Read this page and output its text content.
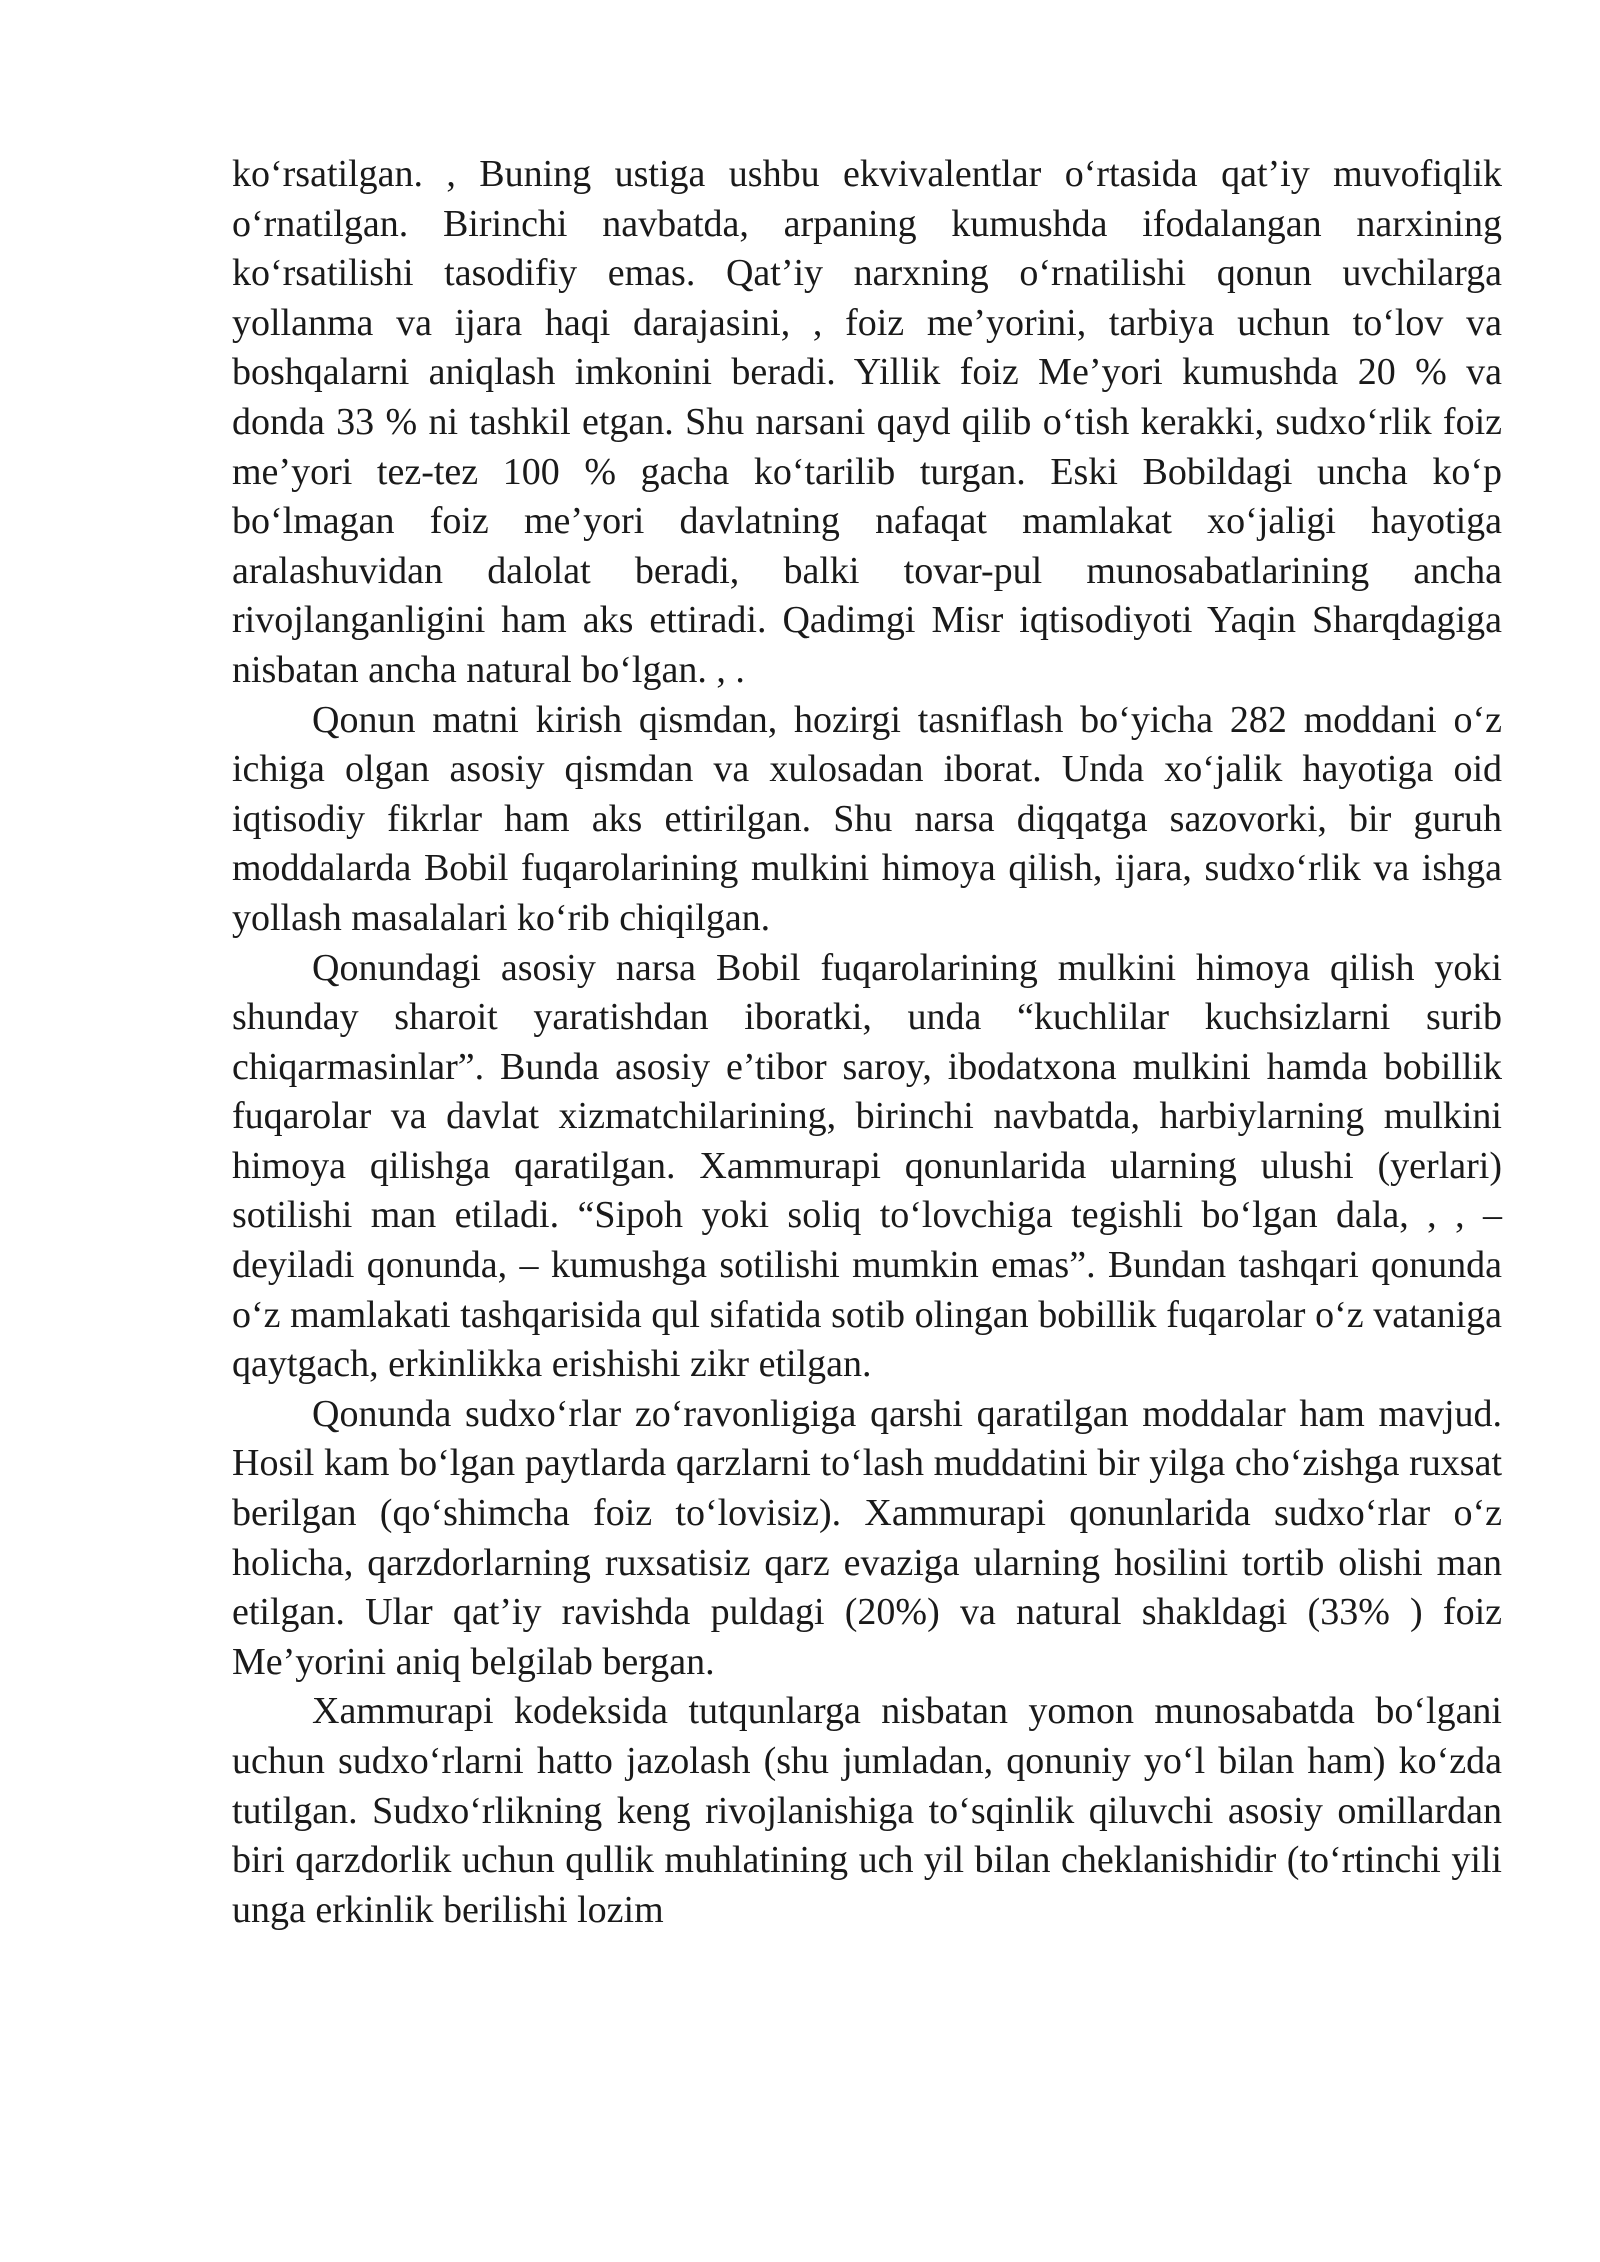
ko‘rsatilgan. , Buning ustiga ushbu ekvivalentlar o‘rtasida qat’iy muvofiqlik o‘rnatilgan. Birinchi navbatda, arpaning kumushda ifodalangan narxining ko‘rsatilishi tasodifiy emas. Qat’iy narxning o‘rnatilishi qonun uvchilarga yollanma va ijara haqi darajasini, , foiz me’yorini, tarbiya uchun to‘lov va boshqalarni aniqlash imkonini beradi. Yillik foiz Me’yori kumushda 20 % va donda 33 % ni tashkil etgan. Shu narsani qayd qilib o‘tish kerakki, sudxo‘rlik foiz me’yori tez-tez 100 % gacha ko‘tarilib turgan. Eski Bobildagi uncha ko‘p bo‘lmagan foiz me’yori davlatning nafaqat mamlakat xo‘jaligi hayotiga aralashuvidan dalolat beradi, balki tovar-pul munosabatlarining ancha rivojlanganligini ham aks ettiradi. Qadimgi Misr iqtisodiyoti Yaqin Sharqdagiga nisbatan ancha natural bo‘lgan. , .

Qonun matni kirish qismdan, hozirgi tasniflash bo‘yicha 282 moddani o‘z ichiga olgan asosiy qismdan va xulosadan iborat. Unda xo‘jalik hayotiga oid iqtisodiy fikrlar ham aks ettirilgan. Shu narsa diqqatga sazovorki, bir guruh moddalarda Bobil fuqarolarining mulkini himoya qilish, ijara, sudxo‘rlik va ishga yollash masalalari ko‘rib chiqilgan.

Qonundagi asosiy narsa Bobil fuqarolarining mulkini himoya qilish yoki shunday sharoit yaratishdan iboratki, unda “kuchlilar kuchsizlarni surib chiqarmasinlar”. Bunda asosiy e’tibor saroy, ibodatxona mulkini hamda bobillik fuqarolar va davlat xizmatchilarining, birinchi navbatda, harbiylarning mulkini himoya qilishga qaratilgan. Xammurapi qonunlarida ularning ulushi (yerlari) sotilishi man etiladi. “Sipoh yoki soliq to‘lovchiga tegishli bo‘lgan dala, , , – deyiladi qonunda, – kumushga sotilishi mumkin emas”. Bundan tashqari qonunda o‘z mamlakati tashqarisida qul sifatida sotib olingan bobillik fuqarolar o‘z vataniga qaytgach, erkinlikka erishishi zikr etilgan.

Qonunda sudxo‘rlar zo‘ravonligiga qarshi qaratilgan moddalar ham mavjud. Hosil kam bo‘lgan paytlarda qarzlarni to‘lash muddatini bir yilga cho‘zishga ruxsat berilgan (qo‘shimcha foiz to‘lovisiz). Xammurapi qonunlarida sudxo‘rlar o‘z holicha, qarzdorlarning ruxsatisiz qarz evaziga ularning hosilini tortib olishi man etilgan. Ular qat’iy ravishda puldagi (20%) va natural shakldagi (33% ) foiz Me’yorini aniq belgilab bergan.

Xammurapi kodeksida tutqunlarga nisbatan yomon munosabatda bo‘lgani uchun sudxo‘rlarni hatto jazolash (shu jumladan, qonuniy yo‘l bilan ham) ko‘zda tutilgan. Sudxo‘rlikning keng rivojlanishiga to‘sqinlik qiluvchi asosiy omillardan biri qarzdorlik uchun qullik muhlatining uch yil bilan cheklanishidir (to‘rtinchi yili unga erkinlik berilishi lozim
